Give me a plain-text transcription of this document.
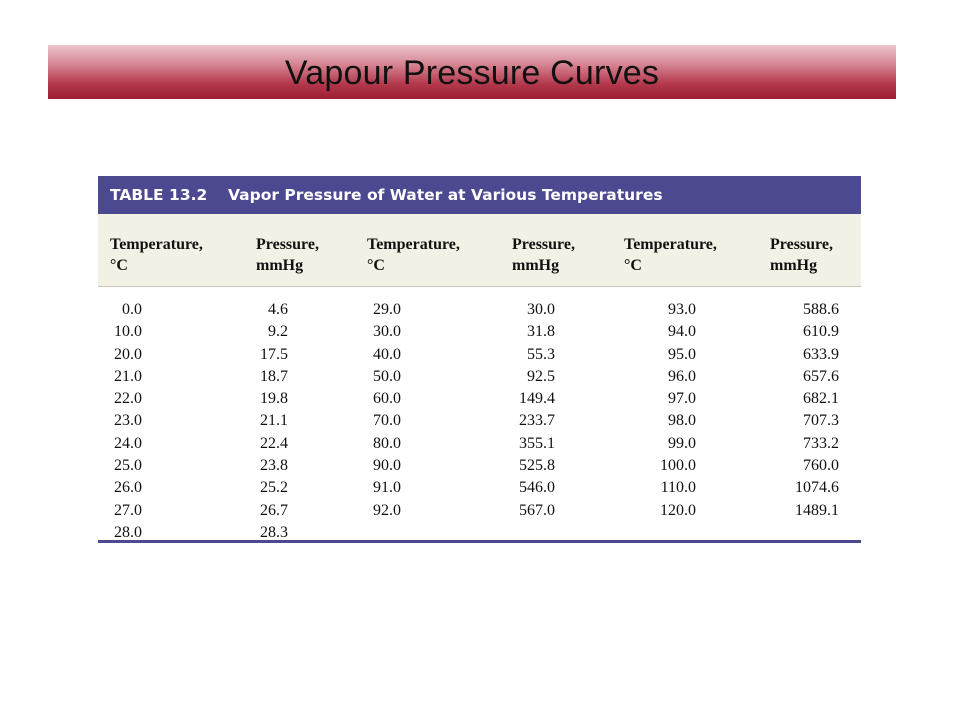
Vapour Pressure Curves
TABLE 13.2	Vapor Pressure of Water at Various Temperatures
Temperature,
°C
Pressure,
mmHg
Temperature,
°C
Pressure,
mmHg
Temperature,
°C
Pressure,
mmHg
0.0
10.0
20.0
21.0
22.0
23.0
24.0
25.0
26.0
27.0
28.0
4.6
9.2
17.5
18.7
19.8
21.1
22.4
23.8
25.2
26.7
28.3
29.0
30.0
40.0
50.0
60.0
70.0
80.0
90.0
91.0
92.0
30.0
31.8
55.3
92.5
149.4
233.7
355.1
525.8
546.0
567.0
93.0
94.0
95.0
96.0
97.0
98.0
99.0
100.0
110.0
120.0
588.6
610.9
633.9
657.6
682.1
707.3
733.2
760.0
1074.6
1489.1
